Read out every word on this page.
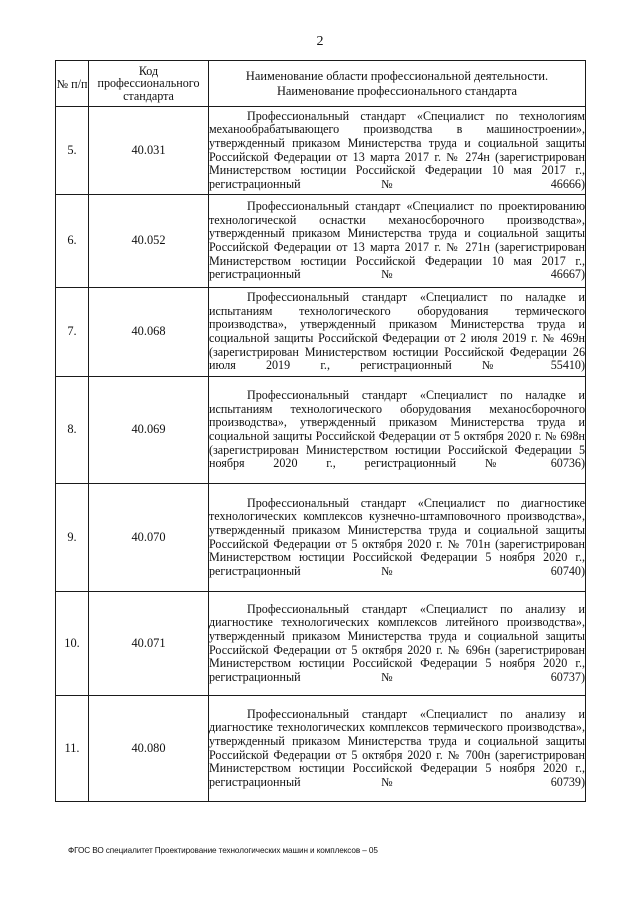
2
№ п/п	Код профессионального стандарта	Наименование области профессиональной деятельности. Наименование профессионального стандарта
5.	40.031	Профессиональный стандарт «Специалист по технологиям механообрабатывающего производства в машиностроении», утвержденный приказом Министерства труда и социальной защиты Российской Федерации от 13 марта 2017 г. № 274н (зарегистрирован Министерством юстиции Российской Федерации 10 мая 2017 г., регистрационный № 46666)
6.	40.052	Профессиональный стандарт «Специалист по проектированию технологической оснастки механосборочного производства», утвержденный приказом Министерства труда и социальной защиты Российской Федерации от 13 марта 2017 г. № 271н (зарегистрирован Министерством юстиции Российской Федерации 10 мая 2017 г., регистрационный № 46667)
7.	40.068	Профессиональный стандарт «Специалист по наладке и испытаниям технологического оборудования термического производства», утвержденный приказом Министерства труда и социальной защиты Российской Федерации от 2 июля 2019 г. № 469н (зарегистрирован Министерством юстиции Российской Федерации 26 июля 2019 г., регистрационный № 55410)
8.	40.069	Профессиональный стандарт «Специалист по наладке и испытаниям технологического оборудования механосборочного производства», утвержденный приказом Министерства труда и социальной защиты Российской Федерации от 5 октября 2020 г. № 698н (зарегистрирован Министерством юстиции Российской Федерации 5 ноября 2020 г., регистрационный № 60736)
9.	40.070	Профессиональный стандарт «Специалист по диагностике технологических комплексов кузнечно-штамповочного производства», утвержденный приказом Министерства труда и социальной защиты Российской Федерации от 5 октября 2020 г. № 701н (зарегистрирован Министерством юстиции Российской Федерации 5 ноября 2020 г., регистрационный № 60740)
10.	40.071	Профессиональный стандарт «Специалист по анализу и диагностике технологических комплексов литейного производства», утвержденный приказом Министерства труда и социальной защиты Российской Федерации от 5 октября 2020 г. № 696н (зарегистрирован Министерством юстиции Российской Федерации 5 ноября 2020 г., регистрационный № 60737)
11.	40.080	Профессиональный стандарт «Специалист по анализу и диагностике технологических комплексов термического производства», утвержденный приказом Министерства труда и социальной защиты Российской Федерации от 5 октября 2020 г. № 700н (зарегистрирован Министерством юстиции Российской Федерации 5 ноября 2020 г., регистрационный № 60739)
ФГОС ВО специалитет Проектирование технологических машин и комплексов – 05
